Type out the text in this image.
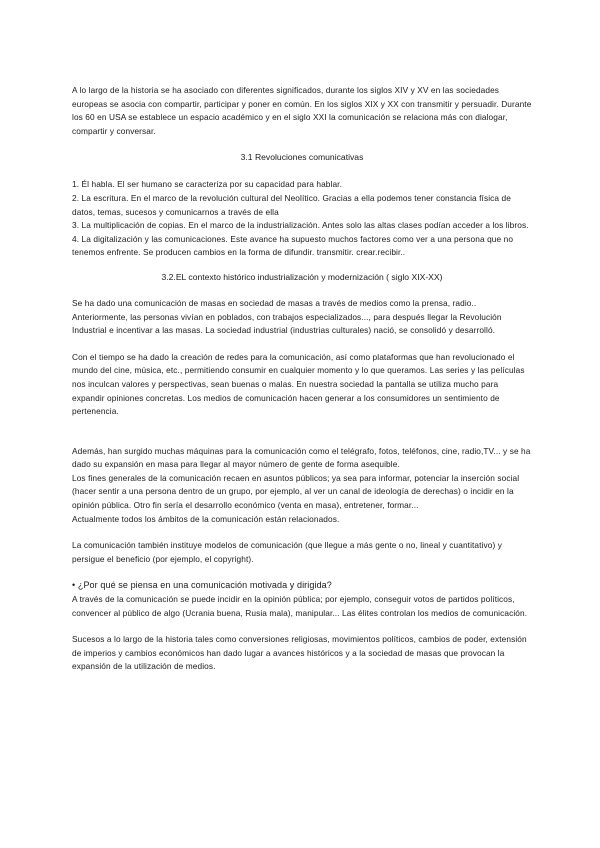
A lo largo de la historia se ha asociado con diferentes significados, durante los siglos XIV y XV en las sociedades europeas se asocia con compartir, participar y poner en común. En los siglos XIX y XX con transmitir y persuadir. Durante los 60 en USA se establece un espacio académico y en el siglo XXI la comunicación se relaciona más con dialogar, compartir y conversar.

3.1 Revoluciones comunicativas

1. Él habla. El ser humano se caracteriza por su capacidad para hablar.

2. La escritura. En el marco de la revolución cultural del Neolítico. Gracias a ella podemos tener constancia física de datos, temas, sucesos y comunicarnos a través de ella

3. La multiplicación de copias. En el marco de la industrialización. Antes solo las altas clases podían acceder a los libros.

4. La digitalización y las comunicaciones. Este avance ha supuesto muchos factores como ver a una persona que no tenemos enfrente. Se producen cambios en la forma de difundir. transmitir. crear.recibir..

3.2.EL contexto histórico industrialización y modernización ( siglo XIX-XX)

Se ha dado una comunicación de masas en sociedad de masas a través de medios como la prensa, radio..

Anteriormente, las personas vivían en poblados, con trabajos especializados..., para después llegar la Revolución Industrial e incentivar a las masas. La sociedad industrial (industrias culturales) nació, se consolidó y desarrolló.

Con el tiempo se ha dado la creación de redes para la comunicación, así como plataformas que han revolucionado el mundo del cine, música, etc., permitiendo consumir en cualquier momento y lo que queramos. Las series y las películas nos inculcan valores y perspectivas, sean buenas o malas. En nuestra sociedad la pantalla se utiliza mucho para expandir opiniones concretas. Los medios de comunicación hacen generar a los consumidores un sentimiento de pertenencia.

Además, han surgido muchas máquinas para la comunicación como el telégrafo, fotos, teléfonos, cine, radio,TV... y se ha dado su expansión en masa para llegar al mayor número de gente de forma asequible.

Los fines generales de la comunicación recaen en asuntos públicos; ya sea para informar, potenciar la inserción social (hacer sentir a una persona dentro de un grupo, por ejemplo, al ver un canal de ideología de derechas) o incidir en la opinión pública. Otro fin sería el desarrollo económico (venta en masa), entretener, formar...

Actualmente todos los ámbitos de la comunicación están relacionados.

La comunicación también instituye modelos de comunicación (que llegue a más gente o no, lineal y cuantitativo) y persigue el beneficio (por ejemplo, el copyright).

• ¿Por qué se piensa en una comunicación motivada y dirigida?

A través de la comunicación se puede incidir en la opinión pública; por ejemplo, conseguir votos de partidos políticos, convencer al público de algo (Ucrania buena, Rusia mala), manipular... Las élites controlan los medios de comunicación.

Sucesos a lo largo de la historia tales como conversiones religiosas, movimientos políticos, cambios de poder, extensión de imperios y cambios económicos han dado lugar a avances históricos y a la sociedad de masas que provocan la expansión de la utilización de medios.
